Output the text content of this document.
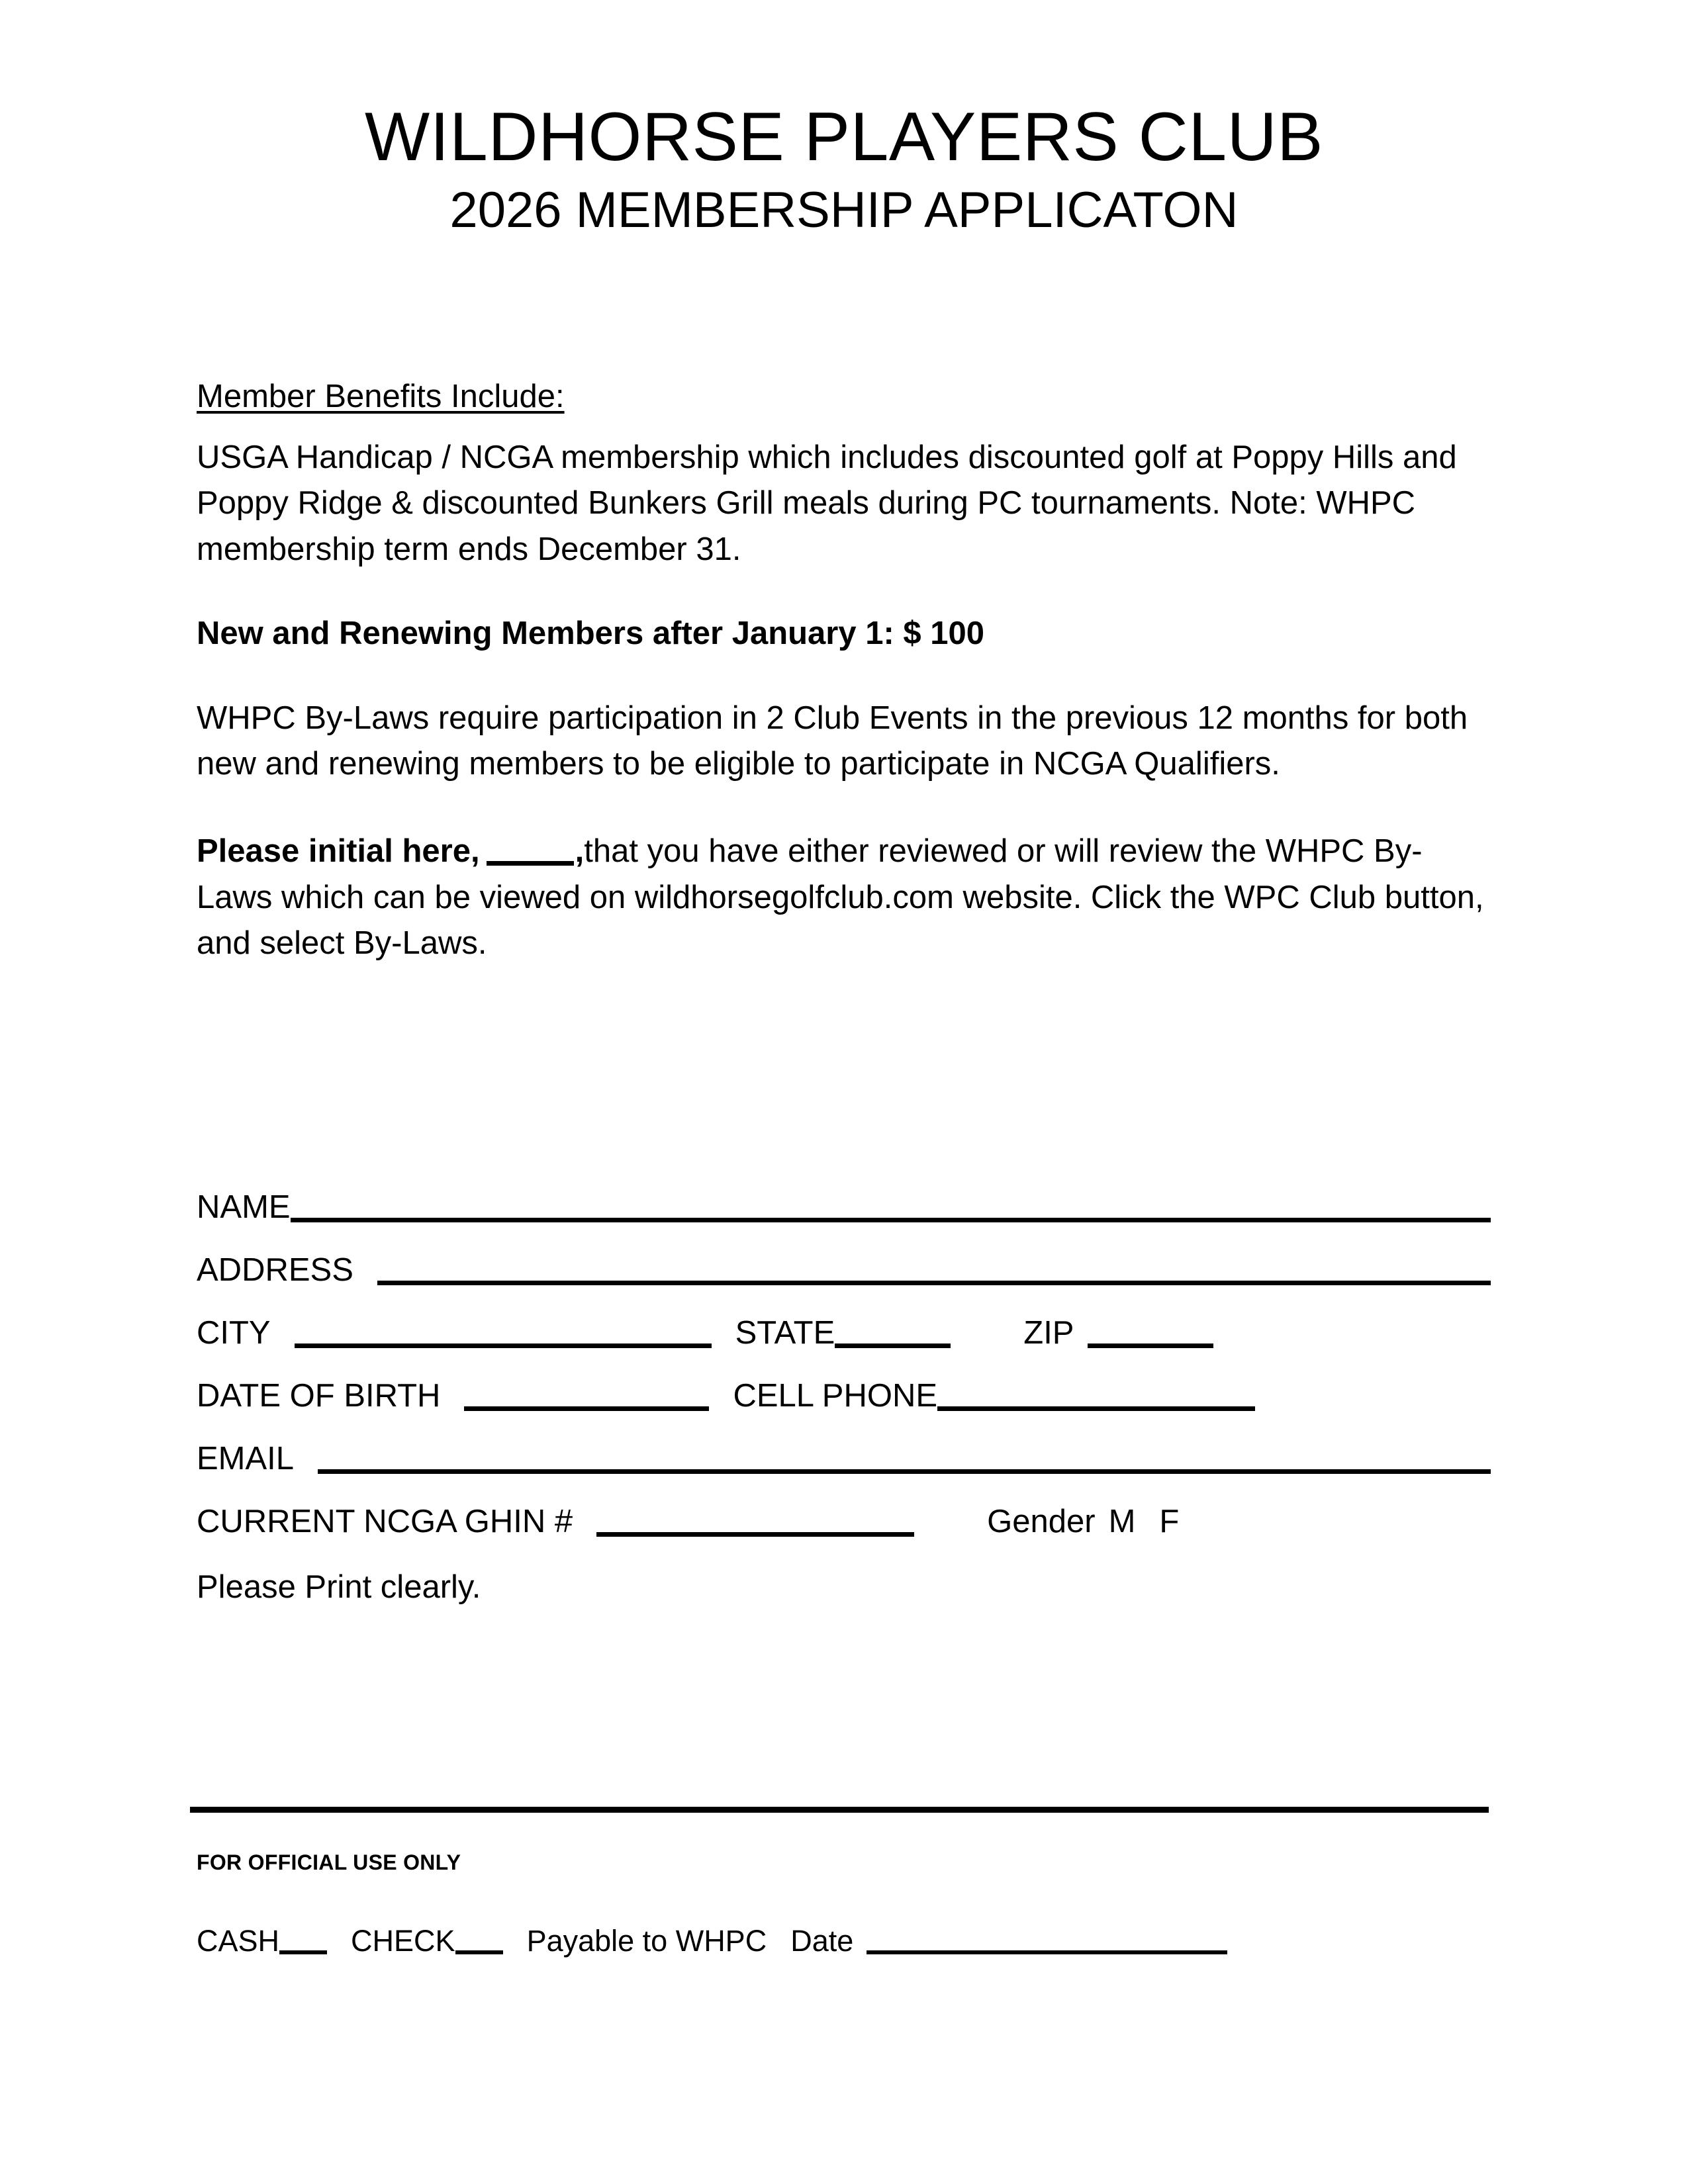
WILDHORSE PLAYERS CLUB
2026 MEMBERSHIP APPLICATON
Member Benefits Include:

USGA Handicap / NCGA membership which includes discounted golf at Poppy Hills and Poppy Ridge & discounted Bunkers Grill meals during PC tournaments. Note: WHPC membership term ends December 31.

New and Renewing Members after January 1: $ 100

WHPC By-Laws require participation in 2 Club Events in the previous 12 months for both new and renewing members to be eligible to participate in NCGA Qualifiers.

Please initial here,	,that you have either reviewed or will review the WHPC By-Laws which can be viewed on wildhorsegolfclub.com website. Click the WPC Club button, and select By-Laws.

NAME
ADDRESS
CITY	STATE	ZIP
DATE OF BIRTH	CELL PHONE
EMAIL
CURRENT NCGA GHIN #	Gender M F
Please Print clearly.
FOR OFFICIAL USE ONLY
CASH CHECK Payable to WHPC Date
